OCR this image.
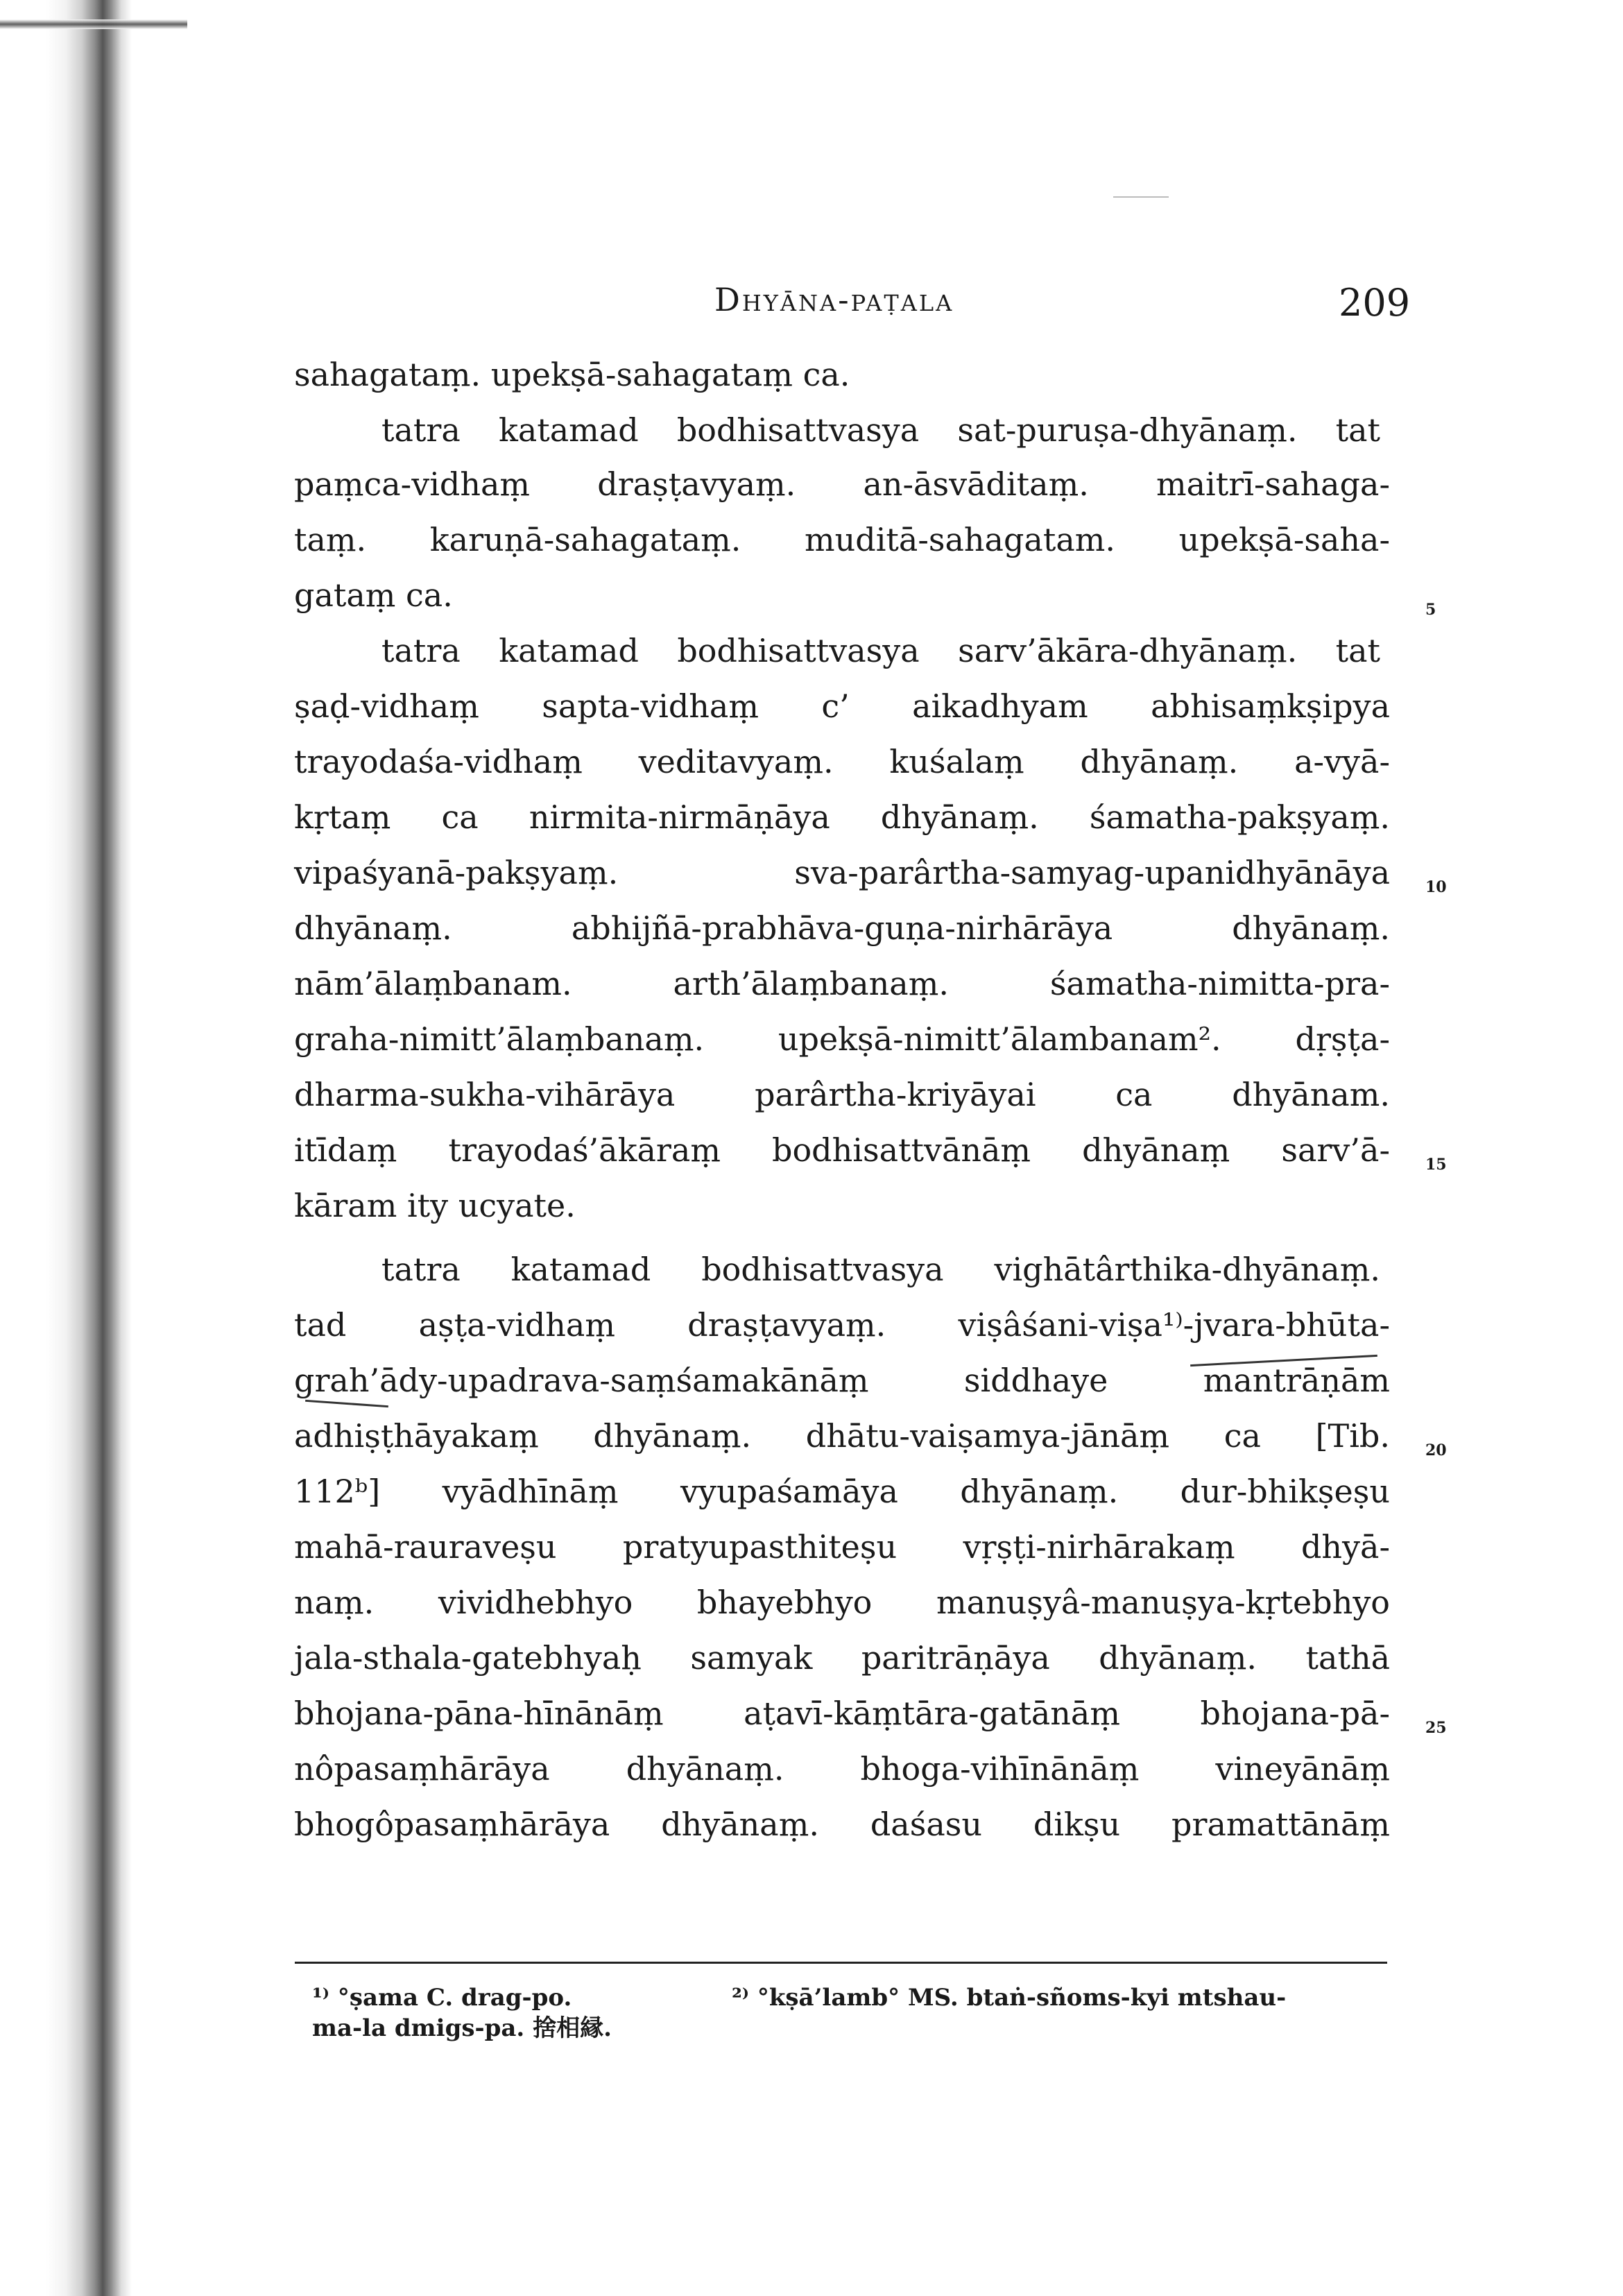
Dhyāna-paṭala	209

sahagataṃ. upekṣā-sahagataṃ ca.

tatra katamad bodhisattvasya sat-puruṣa-dhyānaṃ. tat

paṃca-vidhaṃ draṣṭavyaṃ. an-āsvāditaṃ. maitrī-sahaga-

taṃ. karuṇā-sahagataṃ. muditā-sahagatam. upekṣā-saha-

gataṃ ca.

tatra katamad bodhisattvasya sarv’ākāra-dhyānaṃ. tat

ṣaḍ-vidhaṃ sapta-vidhaṃ c’ aikadhyam abhisaṃkṣipya

trayodaśa-vidhaṃ veditavyaṃ. kuśalaṃ dhyānaṃ. a-vyā-

kṛtaṃ ca nirmita-nirmāṇāya dhyānaṃ. śamatha-pakṣyaṃ.

vipaśyanā-pakṣyaṃ. sva-parârtha-samyag-upanidhyānāya

dhyānaṃ. abhijñā-prabhāva-guṇa-nirhārāya dhyānaṃ.

nām’ālaṃbanam. arth’ālaṃbanaṃ. śamatha-nimitta-pra-

graha-nimitt’ālaṃbanaṃ. upekṣā-nimitt’ālambanam². dṛṣṭa-

dharma-sukha-vihārāya parârtha-kriyāyai ca dhyānam.

itīdaṃ trayodaś’ākāraṃ bodhisattvānāṃ dhyānaṃ sarv’ā-

kāram ity ucyate.

tatra katamad bodhisattvasya vighātârthika-dhyānaṃ.

tad aṣṭa-vidhaṃ draṣṭavyaṃ. viṣâśani-viṣa¹⁾-jvara-bhūta-

grah’ādy-upadrava-saṃśamakānāṃ siddhaye mantrāṇām

adhiṣṭhāyakaṃ dhyānaṃ. dhātu-vaiṣamya-jānāṃ ca [Tib.

112ᵇ] vyādhīnāṃ vyupaśamāya dhyānaṃ. dur-bhikṣeṣu

mahā-rauraveṣu pratyupasthiteṣu vṛṣṭi-nirhārakaṃ dhyā-

naṃ. vividhebhyo bhayebhyo manuṣyâ-manuṣya-kṛtebhyo

jala-sthala-gatebhyaḥ samyak paritrāṇāya dhyānaṃ. tathā

bhojana-pāna-hīnānāṃ aṭavī-kāṃtāra-gatānāṃ bhojana-pā-

nôpasaṃhārāya dhyānaṃ. bhoga-vihīnānāṃ vineyānāṃ

bhogôpasaṃhārāya dhyānaṃ. daśasu dikṣu pramattānāṃ

5
10
15
20
25

¹⁾ °ṣama C. drag-po.	²⁾ °kṣā’lamb° MS. btaṅ-sñoms-kyi mtshau-

ma-la dmigs-pa. 捨相縁.
